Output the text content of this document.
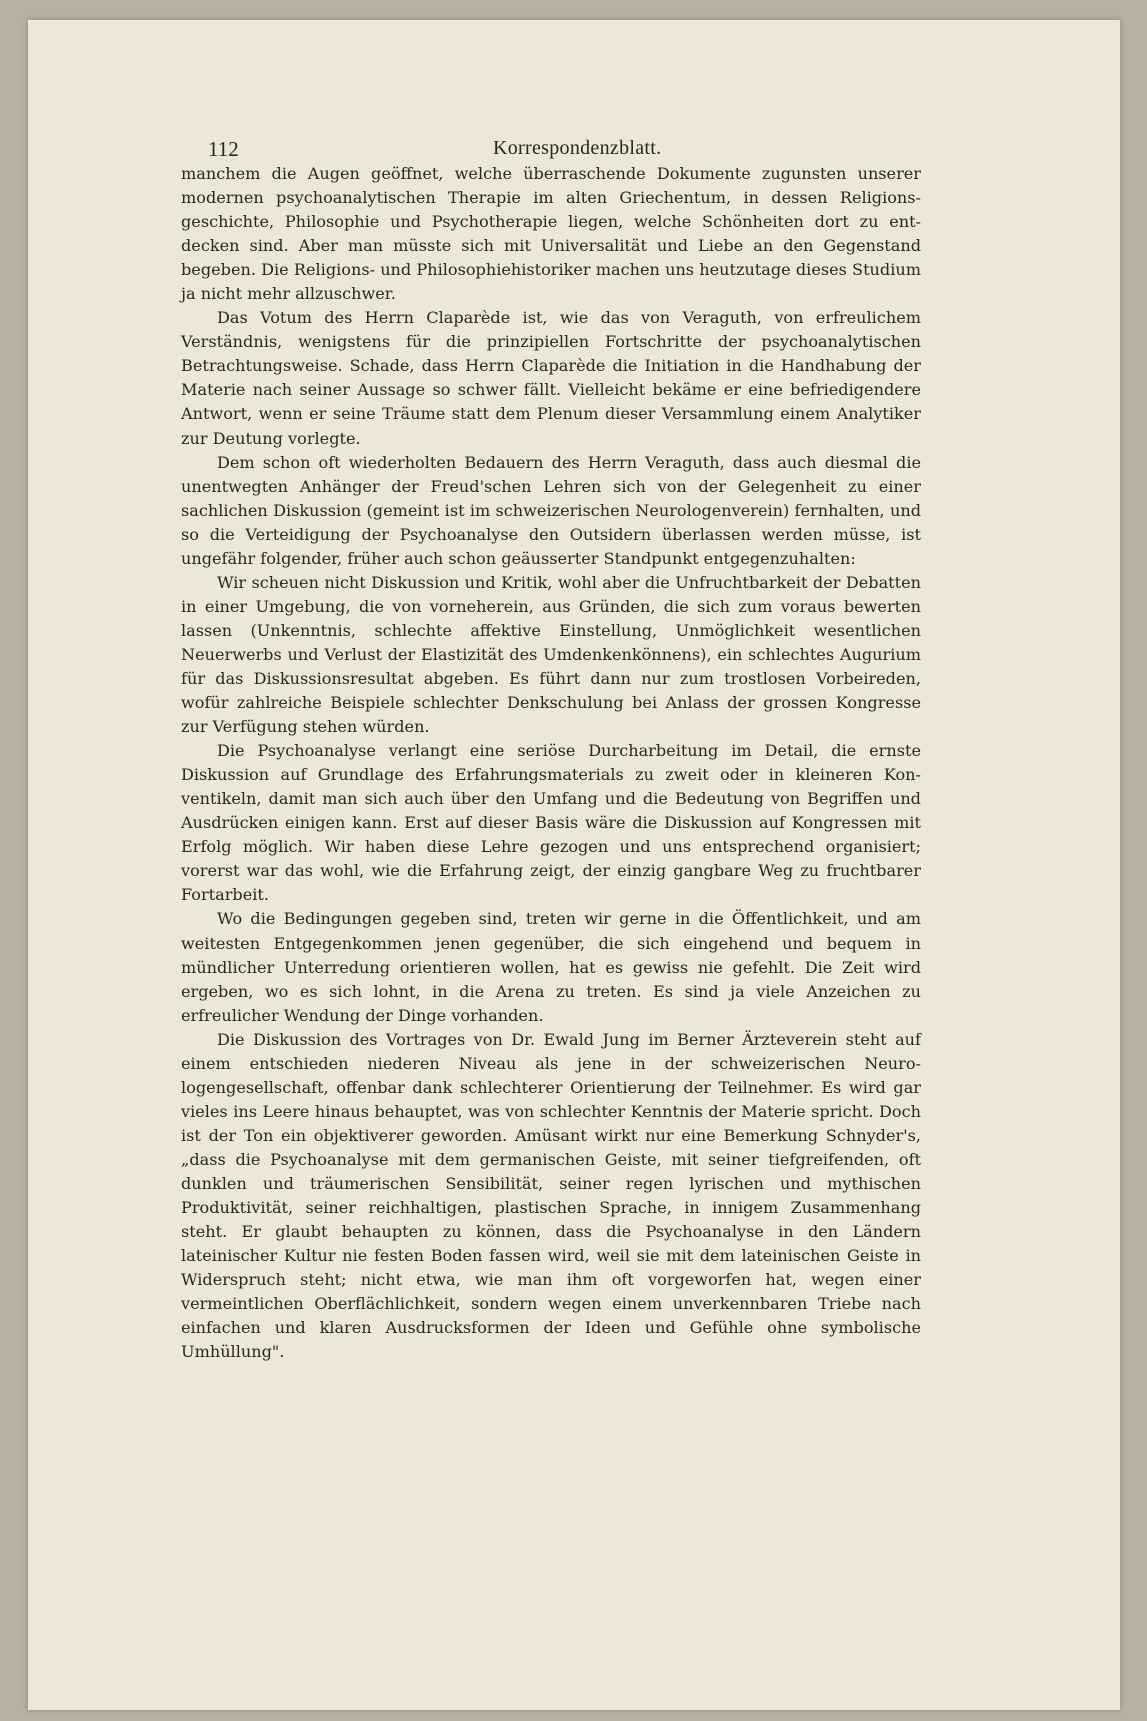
112	Korrespondenzblatt.

manchem die Augen geöffnet, welche überraschende Dokumente zugunsten unserer modernen psychoanalytischen Therapie im alten Griechentum, in dessen Religionsgeschichte, Philosophie und Psychotherapie liegen, welche Schönheiten dort zu entdecken sind. Aber man müsste sich mit Universalität und Liebe an den Gegenstand begeben. Die Religions- und Philosophiehistoriker machen uns heutzutage dieses Studium ja nicht mehr allzuschwer.

Das Votum des Herrn Claparède ist, wie das von Veraguth, von erfreulichem Verständnis, wenigstens für die prinzipiellen Fortschritte der psychoanalytischen Betrachtungsweise. Schade, dass Herrn Claparède die Initiation in die Handhabung der Materie nach seiner Aussage so schwer fällt. Vielleicht bekäme er eine befriedigendere Antwort, wenn er seine Träume statt dem Plenum dieser Versammlung einem Analytiker zur Deutung vorlegte.

Dem schon oft wiederholten Bedauern des Herrn Veraguth, dass auch diesmal die unentwegten Anhänger der Freud'schen Lehren sich von der Gelegenheit zu einer sachlichen Diskussion (gemeint ist im schweizerischen Neurologenverein) fernhalten, und so die Verteidigung der Psychoanalyse den Outsidern überlassen werden müsse, ist ungefähr folgender, früher auch schon geäusserter Standpunkt entgegenzuhalten:

Wir scheuen nicht Diskussion und Kritik, wohl aber die Unfruchtbarkeit der Debatten in einer Umgebung, die von vorneherein, aus Gründen, die sich zum voraus bewerten lassen (Unkenntnis, schlechte affektive Einstellung, Unmöglichkeit wesentlichen Neuerwerbs und Verlust der Elastizität des Umdenkenkönnens), ein schlechtes Augurium für das Diskussionsresultat abgeben. Es führt dann nur zum trostlosen Vorbeireden, wofür zahlreiche Beispiele schlechter Denkschulung bei Anlass der grossen Kongresse zur Verfügung stehen würden.

Die Psychoanalyse verlangt eine seriöse Durcharbeitung im Detail, die ernste Diskussion auf Grundlage des Erfahrungsmaterials zu zweit oder in kleineren Konventikeln, damit man sich auch über den Umfang und die Bedeutung von Begriffen und Ausdrücken einigen kann. Erst auf dieser Basis wäre die Diskussion auf Kongressen mit Erfolg möglich. Wir haben diese Lehre gezogen und uns entsprechend organisiert; vorerst war das wohl, wie die Erfahrung zeigt, der einzig gangbare Weg zu fruchtbarer Fortarbeit.

Wo die Bedingungen gegeben sind, treten wir gerne in die Öffentlichkeit, und am weitesten Entgegenkommen jenen gegenüber, die sich eingehend und bequem in mündlicher Unterredung orientieren wollen, hat es gewiss nie gefehlt. Die Zeit wird ergeben, wo es sich lohnt, in die Arena zu treten. Es sind ja viele Anzeichen zu erfreulicher Wendung der Dinge vorhanden.

Die Diskussion des Vortrages von Dr. Ewald Jung im Berner Ärzteverein steht auf einem entschieden niederen Niveau als jene in der schweizerischen Neurologengesellschaft, offenbar dank schlechterer Orientierung der Teilnehmer. Es wird gar vieles ins Leere hinaus behauptet, was von schlechter Kenntnis der Materie spricht. Doch ist der Ton ein objektiverer geworden. Amüsant wirkt nur eine Bemerkung Schnyder's, „dass die Psychoanalyse mit dem germanischen Geiste, mit seiner tiefgreifenden, oft dunklen und träumerischen Sensibilität, seiner regen lyrischen und mythischen Produktivität, seiner reichhaltigen, plastischen Sprache, in innigem Zusammenhang steht. Er glaubt behaupten zu können, dass die Psychoanalyse in den Ländern lateinischer Kultur nie festen Boden fassen wird, weil sie mit dem lateinischen Geiste in Widerspruch steht; nicht etwa, wie man ihm oft vorgeworfen hat, wegen einer vermeintlichen Oberflächlichkeit, sondern wegen einem unverkennbaren Triebe nach einfachen und klaren Ausdrucksformen der Ideen und Gefühle ohne symbolische Umhüllung".
